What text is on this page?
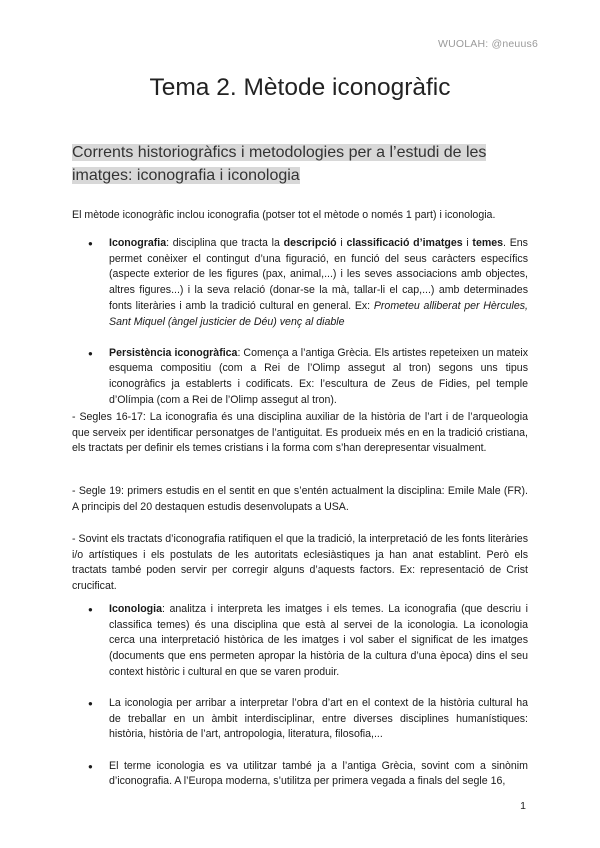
WUOLAH: @neuus6
Tema 2. Mètode iconogràfic
Corrents historiogràfics i metodologies per a l’estudi de les imatges: iconografia i iconologia

El mètode iconogràfic inclou iconografia (potser tot el mètode o només 1 part) i iconologia.

● Iconografia: disciplina que tracta la descripció i classificació d’imatges i temes. Ens permet conèixer el contingut d’una figuració, en funció del seus caràcters específics (aspecte exterior de les figures (pax, animal,...) i les seves associacions amb objectes, altres figures...) i la seva relació (donar-se la mà, tallar-li el cap,...) amb determinades fonts literàries i amb la tradició cultural en general. Ex: Prometeu alliberat per Hèrcules, Sant Miquel (àngel justicier de Déu) venç al diable
● Persistència iconogràfica: Comença a l’antiga Grècia. Els artistes repeteixen un mateix esquema compositiu (com a Rei de l’Olimp assegut al tron) segons uns tipus iconogràfics ja establerts i codificats. Ex: l’escultura de Zeus de Fidies, pel temple d’Olímpia (com a Rei de l’Olimp assegut al tron).

- Segles 16-17: La iconografia és una disciplina auxiliar de la història de l’art i de l’arqueologia que serveix per identificar personatges de l’antiguitat. Es produeix més en en la tradició cristiana, els tractats per definir els temes cristians i la forma com s’han derepresentar visualment.

- Segle 19: primers estudis en el sentit en que s’entén actualment la disciplina: Emile Male (FR). A principis del 20 destaquen estudis desenvolupats a USA.

- Sovint els tractats d’iconografia ratifiquen el que la tradició, la interpretació de les fonts literàries i/o artístiques i els postulats de les autoritats eclesiàstiques ja han anat establint. Però els tractats també poden servir per corregir alguns d’aquests factors. Ex: representació de Crist crucificat.

● Iconologia: analitza i interpreta les imatges i els temes. La iconografia (que descriu i classifica temes) és una disciplina que està al servei de la iconologia. La iconologia cerca una interpretació històrica de les imatges i vol saber el significat de les imatges (documents que ens permeten apropar la història de la cultura d’una època) dins el seu context històric i cultural en que se varen produir.
● La iconologia per arribar a interpretar l’obra d’art en el context de la història cultural ha de treballar en un àmbit interdisciplinar, entre diverses disciplines humanístiques: història, història de l’art, antropologia, literatura, filosofia,...
● El terme iconologia es va utilitzar també ja a l’antiga Grècia, sovint com a sinònim d’iconografia. A l’Europa moderna, s’utilitza per primera vegada a finals del segle 16,
1
